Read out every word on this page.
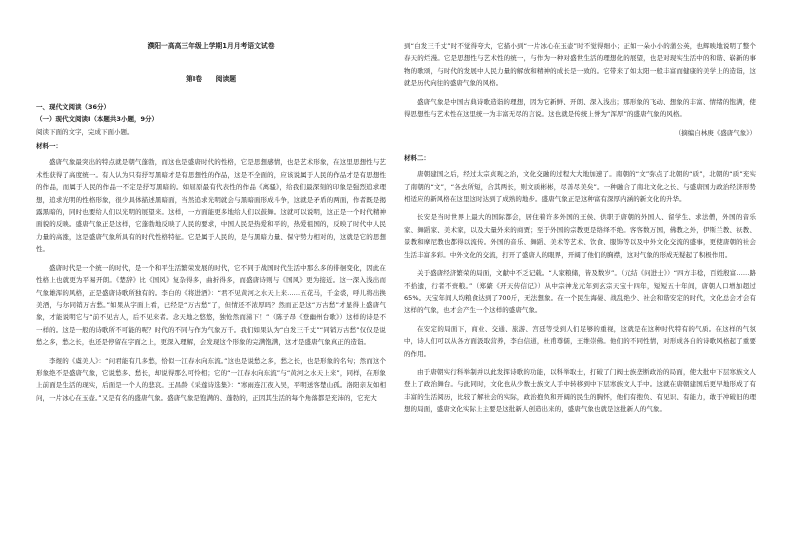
濮阳一高高三年级上学期1月月考语文试卷
第Ⅰ卷　　阅读题
一、现代文阅读（36分）
（一）现代文阅读Ⅰ（本题共3小题，9分）
阅读下面的文字，完成下面小题。
材料一：

盛唐气象最突出的特点就是朝气蓬勃，而这也是盛唐时代的性格，它是思想感情，也是艺术形象，在这里思想性与艺术性获得了高度统一。有人认为只有抒写黑暗才是有思想性的作品，这是不全面的，应该说属于人民的作品才是有思想性的作品，而属于人民的作品一不定是抒写黑暗的。如屈原最有代表性的作品《离骚》，给我们最深刻的印象是强烈追求理想，追求光明的性格形象，很少具体描述黑暗面，当然追求光明就会与黑暗面形成斗争，这就是矛盾的两面，作者既是揭露黑暗的，同时也要给人们以光明的展望来。这样，一方面能更多地给人们以鼓舞。这就可以说明，这正是一个时代精神面貌的反映。盛唐气象正是这样，它蓬勃地反映了人民的要求，中国人民是热爱和平的，热爱祖国的，反映了时代中人民力量的高涨，这是盛唐气象所具有的时代性格特征。它是属于人民的，是与黑暗力量、保守势力相对的，这就是它的思想性。

盛唐时代是一个统一的时代，是一个和平生活繁荣发展的时代，它不同于战国时代生活中那么多的徘徊变化，因此在性格上也就更为平易开朗。《楚辞》比《国风》复杂得多，曲折得多，而盛唐诗则与《国风》更为接近。这一深入浅出而气象雄浑的风格，正是盛唐诗歌所独有的。李白的《将进酒》：“君不见黄河之水天上来……五花马，千金裘，呼儿将出换美酒，与尔同销万古愁。”如果从字面上看，已经是“万古愁”了，但情还不浓厚吗？然而正是这“万古愁”才显得上盛唐气象，才能说明它与“前不见古人，后不见来者。念天地之悠悠，独怆然而涕下！”（陈子昂《登幽州台歌》）这样的诗是不一样的。这是一般的诗歌所不可能的呢？时代的不同与作为气象万千。我们如果认为“白发三千丈”“同销万古愁”仅仅是说愁之多，愁之长，也还是停留在字面之上，更深入理解，会发现这个形象的完满饱满，这才是盛唐气象真正的造诣。

李煜的《虞美人》：“问君能有几多愁，恰似一江春水向东流。”这也是说愁之多，愁之长，也是形象的名句；然而这个形象绝不是盛唐气象，它说愁多、愁长，却说得那么可怜相；它的“一江春水向东流”与“黄河之水天上来”，同样，在形象上前面是生活的现实，后面是一个人的悲哀。王昌龄《采莲诗选集》：“寒雨连江夜入吴，平明送客楚山孤。洛阳亲友如相问，一片冰心在玉壶。”又是有名的盛唐气象。盛唐气象是饱满的、蓬勃的，正因其生活的每个角落都是充沛的，它充大

到“白发三千丈”时不觉得夸大，它描小到“一片冰心在玉壶”时不觉得细小；正如一朵小小的蒲公英，也辉映地说明了整个春天的烂漫。它是思想性与艺术性的统一，与作为一种对盛世生活的理想化的展望，也是对现实生活中的和谐、崭新的事物的歌颂，与时代的发展中人民力量的解放和精神的成长是一致的。它带来了如太阳一般丰富而健康的美学上的造诣，这就是历代向往的盛唐气象的风格。

盛唐气象是中国古典诗歌造诣的理想，因为它新鲜、开朗、深入浅出；那形象的飞动、想象的丰富、情绪的饱满，使得思想性与艺术性在这里统一为丰富无尽的言说。这也就是传统上誉为“浑厚”的盛唐气象的风格。

（摘编自林庚《盛唐气象》）
材料二：

唐朝建国之后，经过太宗贞观之治，文化交融的过程大大地加速了。南朝的“文”弥点了北朝的“质”，北朝的“质”充实了南朝的“文”，“各去所短，合其两长，则文质彬彬，尽善尽美矣”。一种融合了南北文化之长、与盛唐国力政治经济形势相适应的新风格在这里这时达到了成熟的地步。盛唐气象正是这种富有深厚内涵的新文化的升华。

长安是当时世界上最大的国际都会，居住着许多外国的王侯、供职于唐朝的外国人、留学生、求法僧，外国的音乐家、舞蹈家、美术家，以及大量外来的商贾；至于外国的宗教更是络绎不绝。客客数万国，佛教之外，伊斯兰教、祆教、景教和摩尼教也都得以流传。外国的音乐、舞蹈、美术等艺术、饮食、服饰等以及中外文化交流的盛事，更使唐朝的社会生活丰富多彩。中外文化的交流，打开了盛唐人的眼界，开阔了他们的胸襟，这对气象的形成无疑起了积极作用。

关于盛唐经济繁荣的局面，文献中不乏记载。“人家粮储，皆及数岁”。（元结《问进士》）“四方丰稔，百姓殷富……路不拾遗，行者不赍粮。”（郑綮《开天传信记》）从中宗神龙元年到玄宗天宝十四年，短短五十年间，唐朝人口增加超过65%。天宝年间人均粮食达到了700斤，无法想象。在一个民生海晏、战乱绝少、社会和谐安定的时代，文化总会才会有这样的气象，也才会产生一个这样的盛唐气象。

在安定的局面下，商业、交通、旅游、宫廷等受到人们足够的重视，这就是在这种时代特有的气质。在这样的气氛中，诗人们可以从各方面汲取营养，李白信道，杜甫尊儒，王维崇佛。他们的不同性情，对形成各自的诗歌风格起了重要的作用。

由于唐朝实行科举制并以此发挥诗歌的功能，以科举取士，打破了门阀士族垄断政治的局面，使大批中下层寒族文人登上了政治舞台。与此同时，文化也从少数士族文人手中转移到中下层寒族文人手中。这就在唐朝建国后更早地形成了有丰富的生活阅历，比较了解社会的实际，政治抱负和开阔的民生的胸怀，他们有抱负、有见识、有能力，敢于冲破旧的理想的局面，盛唐文化实际上主要是这批新人创造出来的，盛唐气象也就是这批新人的气象。
